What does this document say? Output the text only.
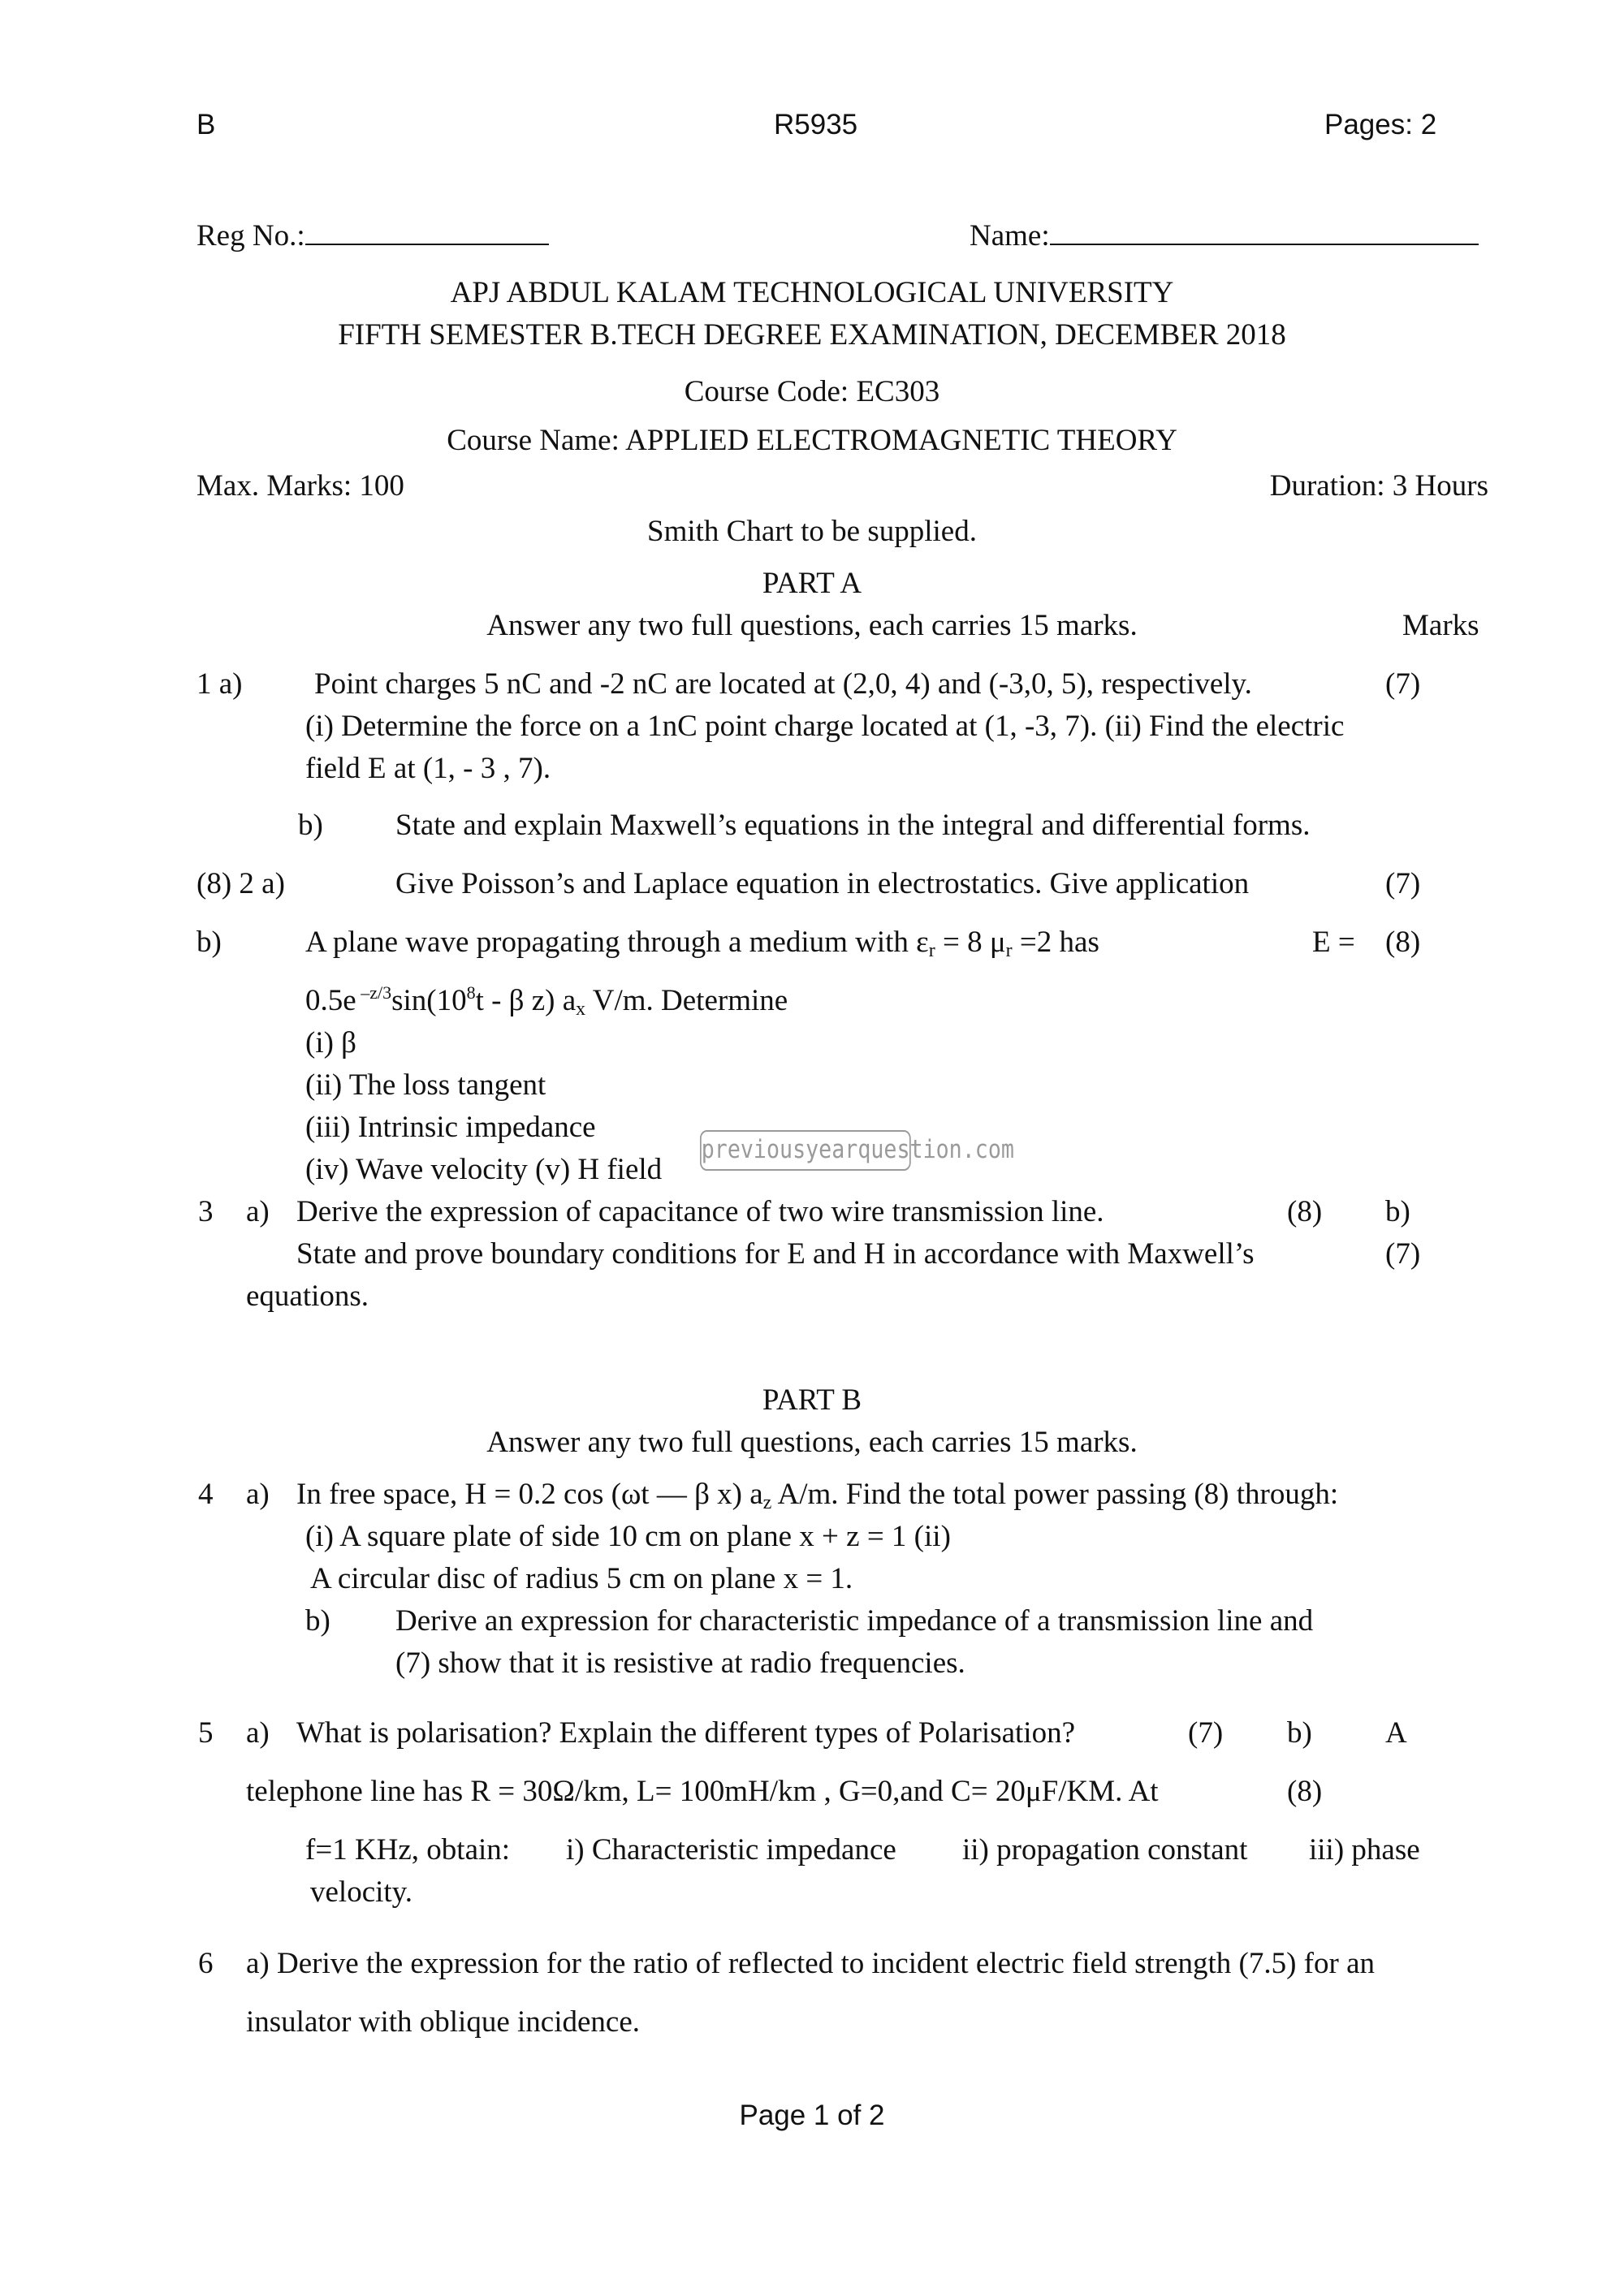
B	R5935	Pages: 2
Reg No.:	Name:
APJ ABDUL KALAM TECHNOLOGICAL UNIVERSITY
FIFTH SEMESTER B.TECH DEGREE EXAMINATION, DECEMBER 2018
Course Code: EC303
Course Name: APPLIED ELECTROMAGNETIC THEORY
Max. Marks: 100	Duration: 3 Hours
Smith Chart to be supplied.
PART A
Answer any two full questions, each carries 15 marks.	Marks
1 a) Point charges 5 nC and -2 nC are located at (2,0, 4) and (-3,0, 5), respectively.	(7)
(i) Determine the force on a 1nC point charge located at (1, -3, 7). (ii) Find the electric
field E at (1, - 3 , 7).
b) State and explain Maxwell’s equations in the integral and differential forms.
(8) 2 a)	Give Poisson’s and Laplace equation in electrostatics. Give application	(7)
b)	A plane wave propagating through a medium with $\varepsilon_r = 8$ $\mu_r =2$ has	E = (8)
0.5e $^{-z/3}\sin(10^8t$ - β z) $a_x$ V/m. Determine
(i) β
(ii) The loss tangent
(iii) Intrinsic impedance
(iv) Wave velocity (v) H field
previousyearquestion.com
3 a) Derive the expression of capacitance of two wire transmission line.	(8) b)
State and prove boundary conditions for E and H in accordance with Maxwell’s	(7)
equations.
PART B
Answer any two full questions, each carries 15 marks.
4 a) In free space, H = 0.2 cos (ωt — β x) $a_z$ A/m. Find the total power passing (8) through:
(i) A square plate of side 10 cm on plane x + z = 1 (ii)
A circular disc of radius 5 cm on plane x = 1.
b) Derive an expression for characteristic impedance of a transmission line and
(7) show that it is resistive at radio frequencies.
5 a) What is polarisation? Explain the different types of Polarisation?	(7) b) A
telephone line has R = 30Ω/km, L= 100mH/km , G=0,and C= 20μF/KM. At	(8)
f=1 KHz, obtain: i) Characteristic impedance ii) propagation constant iii) phase
velocity.
6 a) Derive the expression for the ratio of reflected to incident electric field strength (7.5) for an
insulator with oblique incidence.
Page 1 of 2
